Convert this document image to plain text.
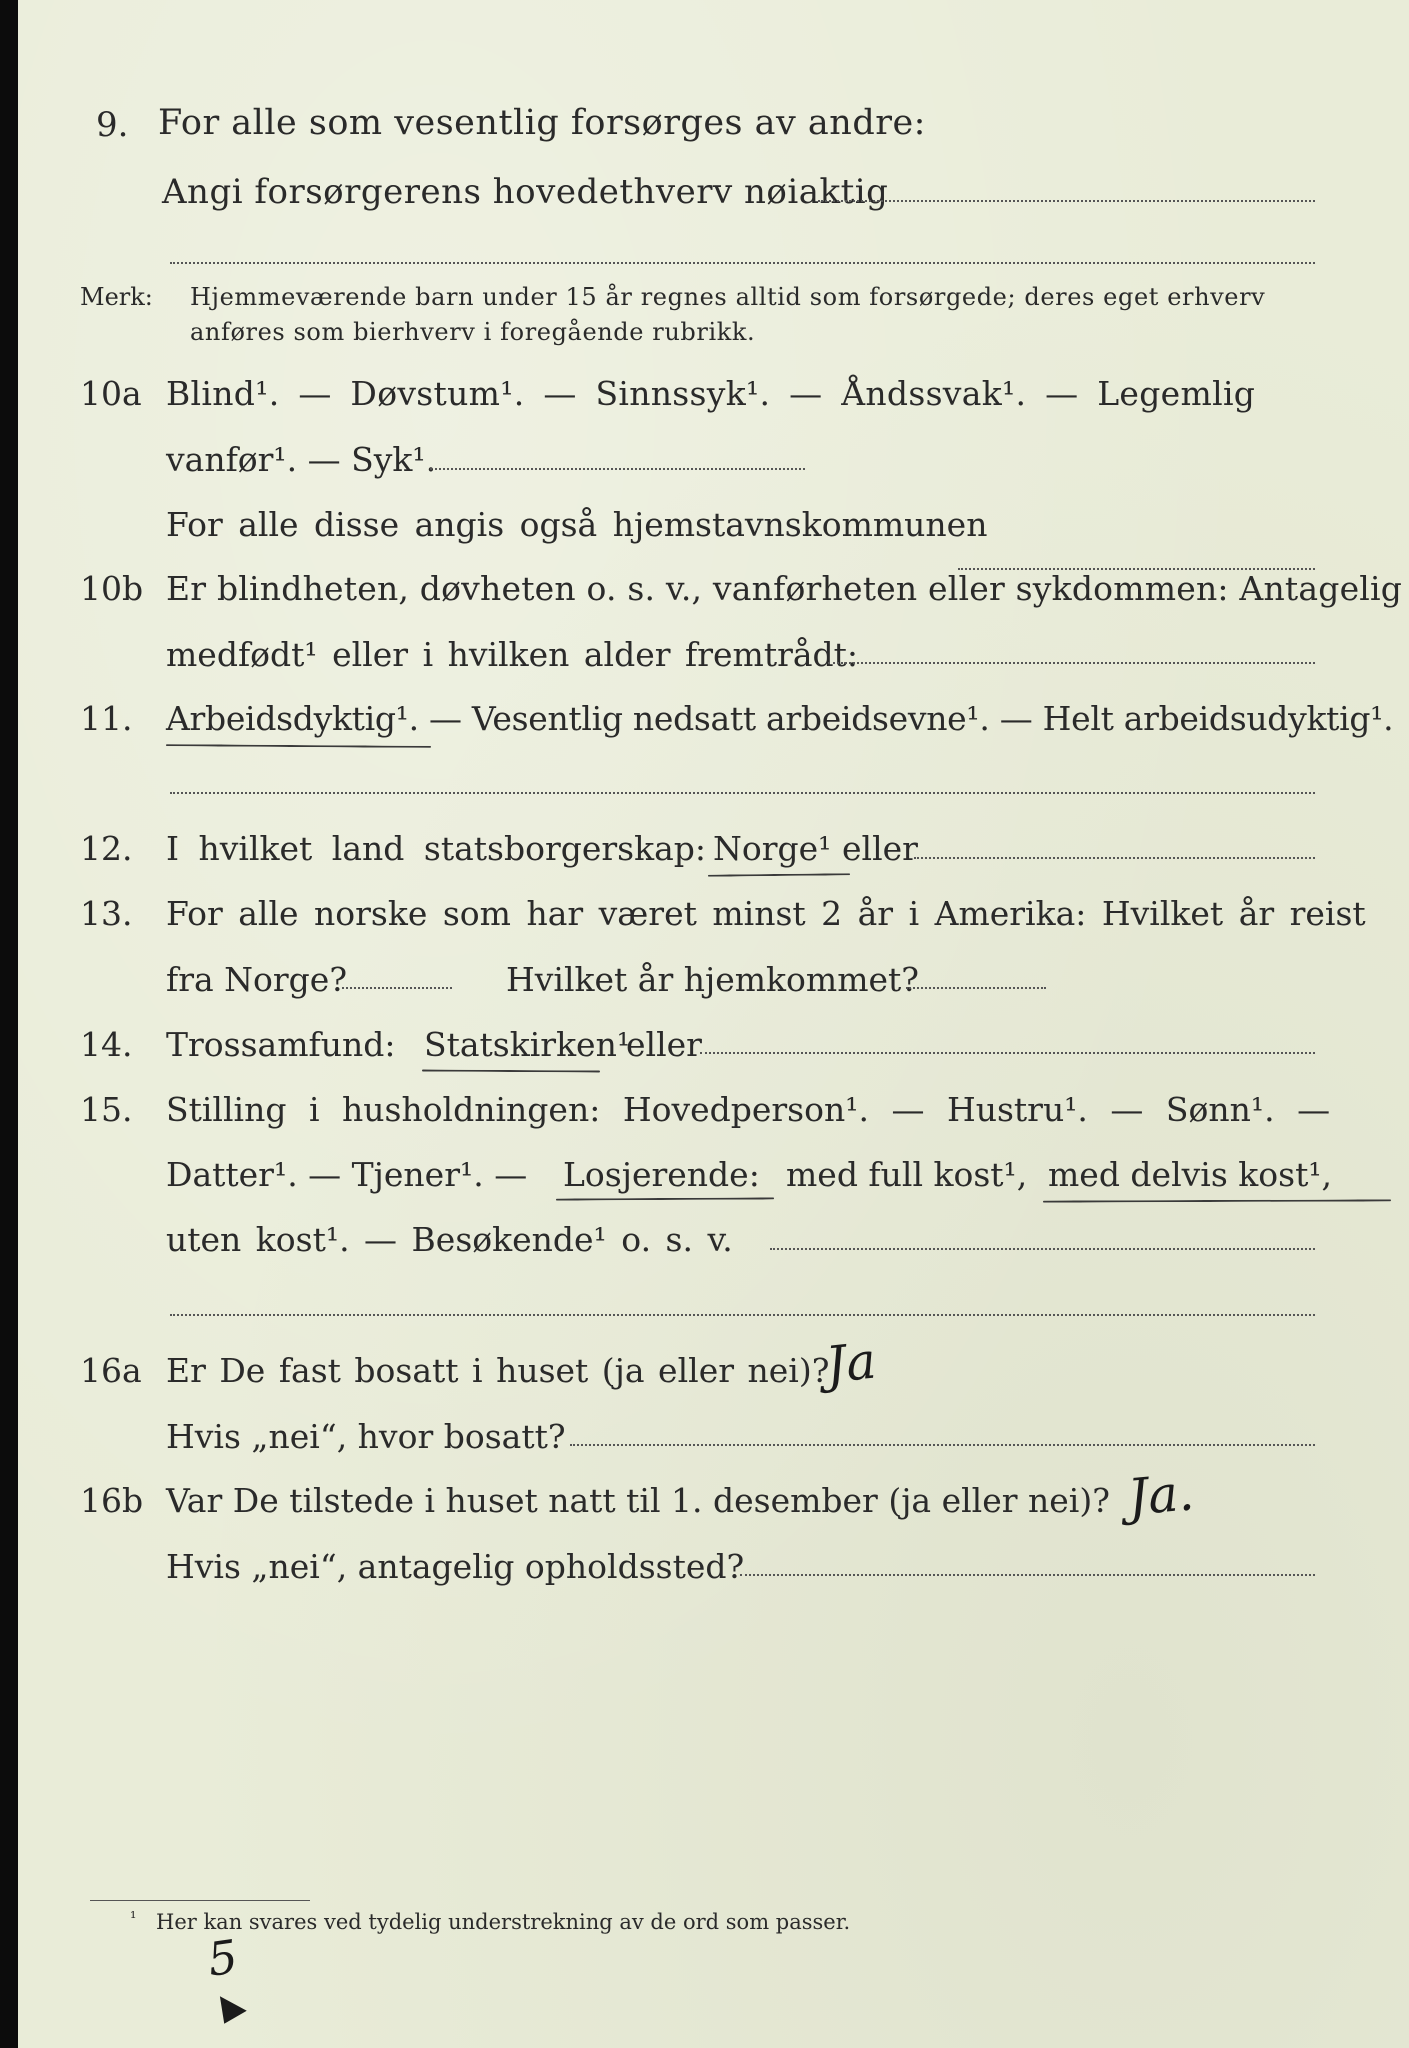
9. For alle som vesentlig forsørges av andre:
Angi forsørgerens hovedethverv nøiaktig
Merk: Hjemmeværende barn under 15 år regnes alltid som forsørgede; deres eget erhverv
anføres som bierhverv i foregående rubrikk.
10a Blind¹. — Døvstum¹. — Sinnssyk¹. — Åndssvak¹. — Legemlig
vanfør¹. — Syk¹.
For alle disse angis også hjemstavnskommunen
10b Er blindheten, døvheten o. s. v., vanførheten eller sykdommen: Antagelig
medfødt¹ eller i hvilken alder fremtrådt:
11. Arbeidsdyktig¹. — Vesentlig nedsatt arbeidsevne¹. — Helt arbeidsudyktig¹.
12. I hvilket land statsborgerskap: Norge¹ eller
13. For alle norske som har været minst 2 år i Amerika: Hvilket år reist
fra Norge?	Hvilket år hjemkommet?
14. Trossamfund: Statskirken¹
eller
15. Stilling i husholdningen: Hovedperson¹. — Hustru¹. — Sønn¹. —
Datter¹. — Tjener¹. — Losjerende: med full kost¹, med delvis kost¹,
uten kost¹. — Besøkende¹ o. s. v.
16a Er De fast bosatt i huset (ja eller nei)?
Ja
Hvis „nei“, hvor bosatt?
16b Var De tilstede i huset natt til 1. desember (ja eller nei)? Ja.
Hvis „nei“, antagelig opholdssted?
¹ Her kan svares ved tydelig understrekning av de ord som passer.
5
